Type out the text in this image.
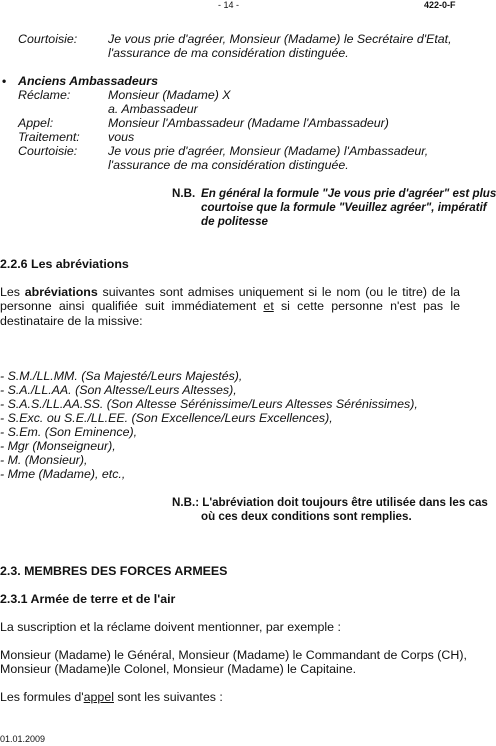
- 14 -	422-0-F
Courtoisie: Je vous prie d'agréer, Monsieur (Madame) le Secrétaire d'Etat,
l'assurance de ma considération distinguée.
• Anciens Ambassadeurs
Réclame:	Monsieur (Madame) X
a. Ambassadeur
Appel:	Monsieur l'Ambassadeur (Madame l'Ambassadeur)
Traitement: vous
Courtoisie: Je vous prie d'agréer, Monsieur (Madame) l'Ambassadeur,
l'assurance de ma considération distinguée.
N.B. En général la formule "Je vous prie d'agréer" est plus
courtoise que la formule "Veuillez agréer", impératif
de politesse
2.2.6 Les abréviations
Les abréviations suivantes sont admises uniquement si le nom (ou le titre) de la personne ainsi qualifiée suit immédiatement et si cette personne n'est pas le destinataire de la missive:
- S.M./LL.MM. (Sa Majesté/Leurs Majestés),
- S.A./LL.AA. (Son Altesse/Leurs Altesses),
- S.A.S./LL.AA.SS. (Son Altesse Sérénissime/Leurs Altesses Sérénissimes),
- S.Exc. ou S.E./LL.EE. (Son Excellence/Leurs Excellences),
- S.Em. (Son Eminence),
- Mgr (Monseigneur),
- M. (Monsieur),
- Mme (Madame), etc.,
N.B.: L'abréviation doit toujours être utilisée dans les cas
où ces deux conditions sont remplies.
2.3. MEMBRES DES FORCES ARMEES
2.3.1 Armée de terre et de l'air
La suscription et la réclame doivent mentionner, par exemple :
Monsieur (Madame) le Général, Monsieur (Madame) le Commandant de Corps (CH),
Monsieur (Madame)le Colonel, Monsieur (Madame) le Capitaine.
Les formules d'appel sont les suivantes :
01.01.2009
